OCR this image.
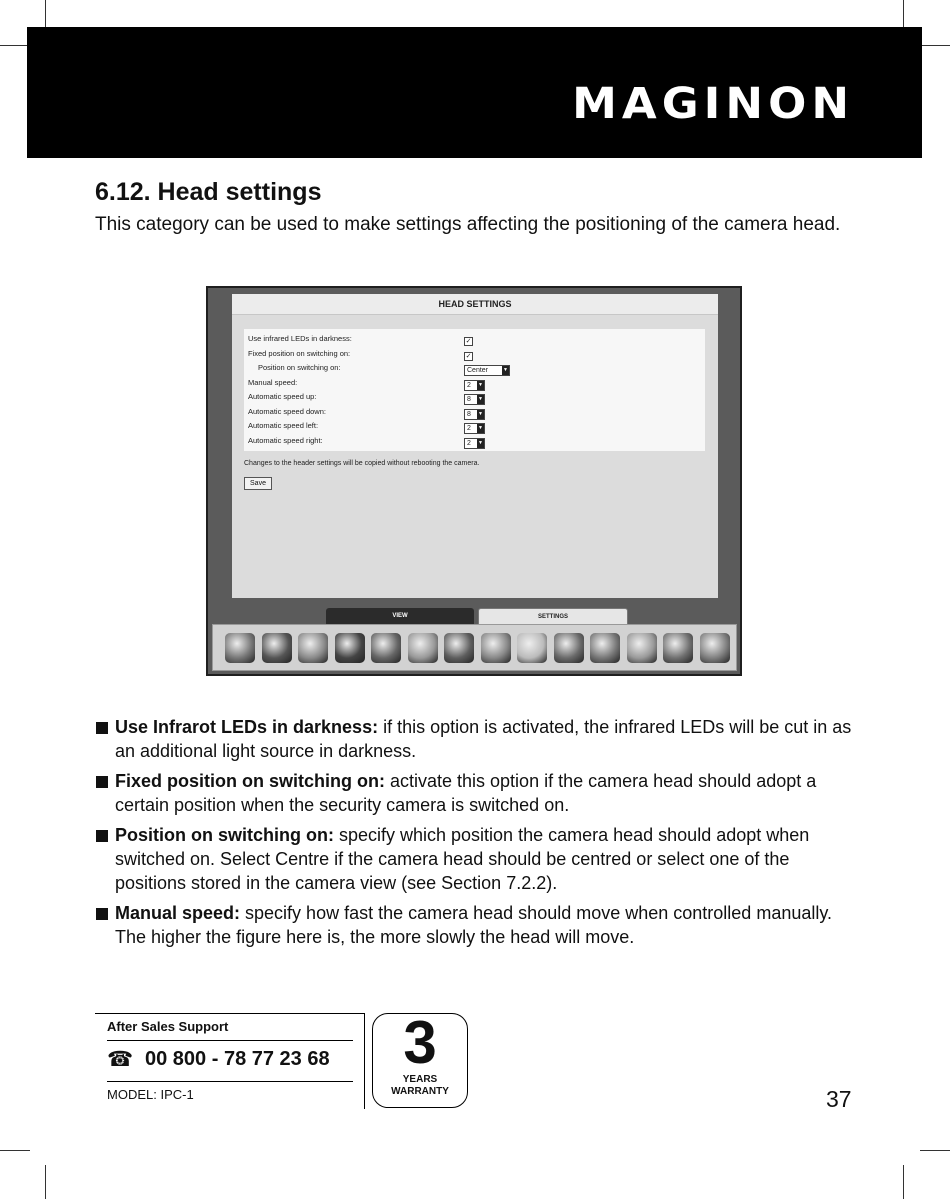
MAGINON
6.12. Head settings

This category can be used to make settings affecting the positioning of the camera head.

HEAD SETTINGS
Use infrared LEDs in darkness:	✓
Fixed position on switching on:	✓
Position on switching on:	Center	▼
Manual speed:	2 ▼
Automatic speed up:	8 ▼
Automatic speed down:	8 ▼
Automatic speed left:	2 ▼
Automatic speed right:	2 ▼
Changes to the header settings will be copied without rebooting the camera.
Save
VIEW	SETTINGS
Use Infrarot LEDs in darkness: if this option is activated, the infrared LEDs will be cut in as an additional light source in darkness.
Fixed position on switching on: activate this option if the camera head should adopt a certain position when the security camera is switched on.
Position on switching on: specify which position the camera head should adopt when switched on. Select Centre if the camera head should be centred or select one of the positions stored in the camera view (see Section 7.2.2).
Manual speed: specify how fast the camera head should move when controlled manually. The higher the figure here is, the more slowly the head will move.
After Sales Support
☎ 00 800 - 78 77 23 68
MODEL: IPC-1
3
YEARS
WARRANTY	37
